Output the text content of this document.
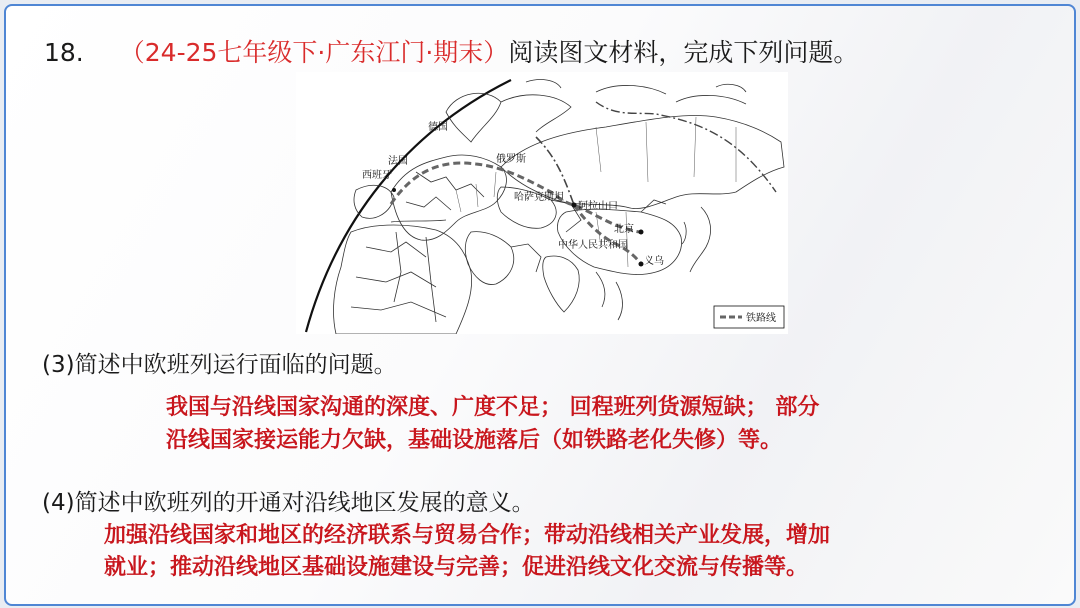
18. （24-25七年级下·广东江门·期末）阅读图文材料，完成下列问题。
德国
法国
西班牙
俄罗斯
哈萨克斯坦
阿拉山口
北京
中华人民共和国
义乌
铁路线
(3)简述中欧班列运行面临的问题。
我国与沿线国家沟通的深度、广度不足； 回程班列货源短缺； 部分
沿线国家接运能力欠缺，基础设施落后（如铁路老化失修）等。
(4)简述中欧班列的开通对沿线地区发展的意义。
加强沿线国家和地区的经济联系与贸易合作；带动沿线相关产业发展，增加
就业；推动沿线地区基础设施建设与完善；促进沿线文化交流与传播等。
